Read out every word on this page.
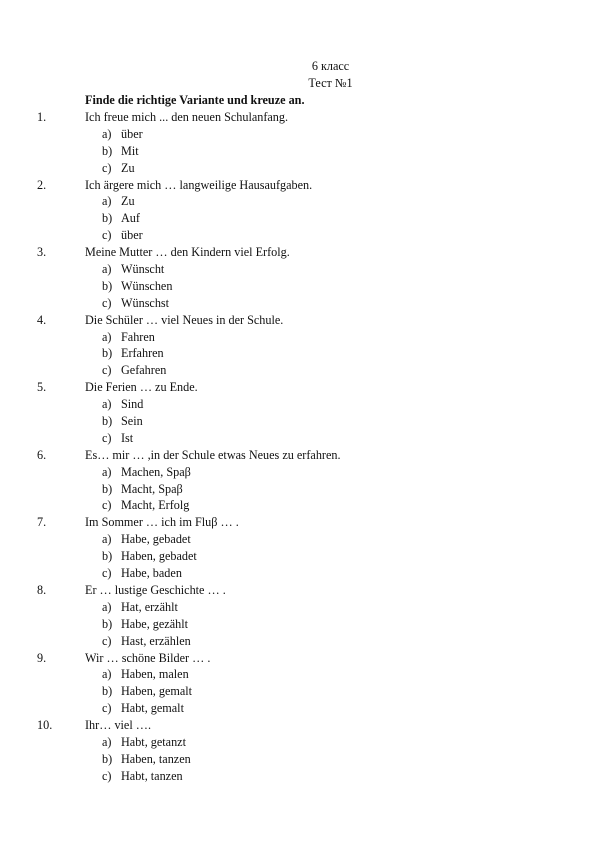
6 класс
Тест №1
Finde die richtige Variante und kreuze an.
1.	Ich freue mich ... den neuen Schulanfang.
a) über
b) Mit
c) Zu
2.	Ich ärgere mich … langweilige Hausaufgaben.
a) Zu
b) Auf
c) über
3.	Meine Mutter … den Kindern viel Erfolg.
a) Wünscht
b) Wünschen
c) Wünschst
4.	Die Schüler … viel Neues in der Schule.
a) Fahren
b) Erfahren
c) Gefahren
5.	Die Ferien … zu Ende.
a) Sind
b) Sein
c) Ist
6.	Es… mir … ,in der Schule etwas Neues zu erfahren.
a) Machen, Spaβ
b) Macht, Spaβ
c) Macht, Erfolg
7.	Im Sommer … ich im Fluβ … .
a) Habe, gebadet
b) Haben, gebadet
c) Habe, baden
8.	Er … lustige Geschichte … .
a) Hat, erzählt
b) Habe, gezählt
c) Hast, erzählen
9.	Wir … schöne Bilder … .
a) Haben, malen
b) Haben, gemalt
c) Habt, gemalt
10.	Ihr… viel ….
a) Habt, getanzt
b) Haben, tanzen
c) Habt, tanzen
